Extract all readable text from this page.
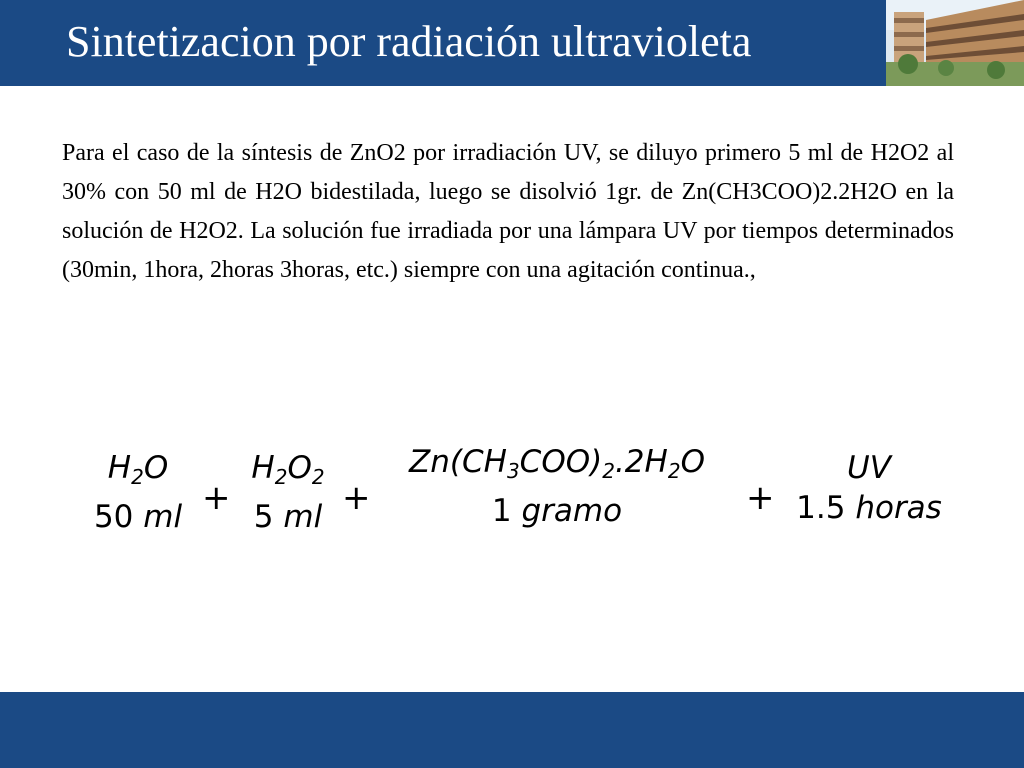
Sintetizacion por radiación ultravioleta
Para el caso de la síntesis de ZnO2 por irradiación UV, se diluyo primero 5 ml de H2O2 al 30% con 50 ml de H2O bidestilada, luego se disolvió 1gr. de Zn(CH3COO)2.2H2O en la solución de H2O2. La solución fue irradiada por una lámpara UV por tiempos determinados (30min, 1hora, 2horas 3horas, etc.) siempre con una agitación continua.,
$H_2O$
50 ml +
$H_2O_2$
5 ml +
$Zn(CH_3COO)_2.2H_2O$
1 gramo	+
UV
1.5 horas
